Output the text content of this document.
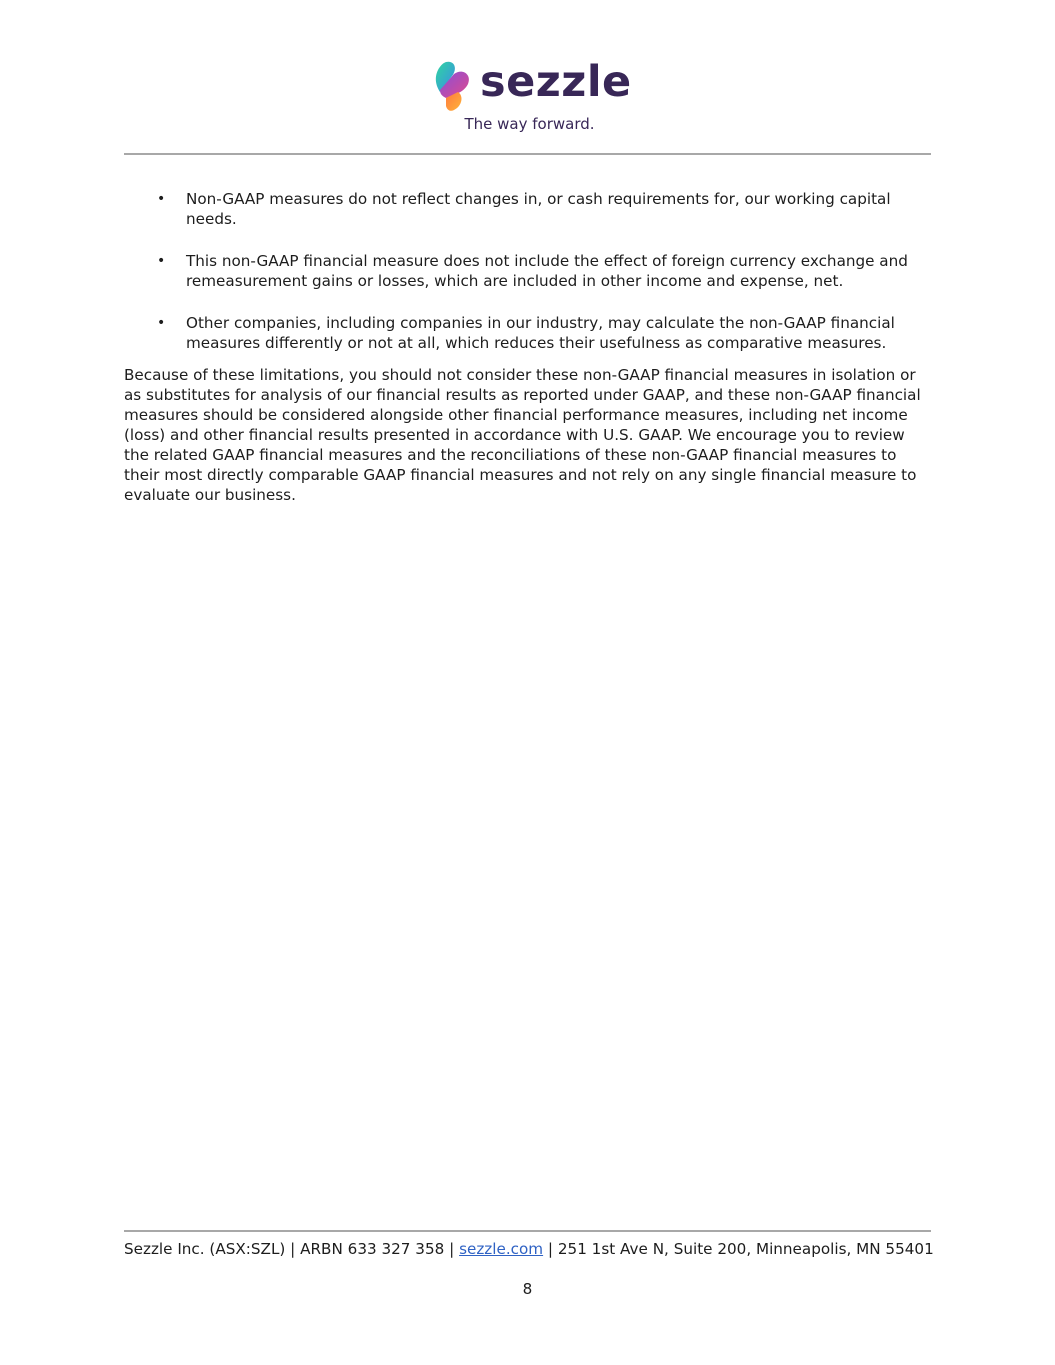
sezzle
The way forward.
• Non-GAAP measures do not reflect changes in, or cash requirements for, our working capital needs.
• This non-GAAP financial measure does not include the effect of foreign currency exchange and remeasurement gains or losses, which are included in other income and expense, net.
• Other companies, including companies in our industry, may calculate the non-GAAP financial measures differently or not at all, which reduces their usefulness as comparative measures.

Because of these limitations, you should not consider these non-GAAP financial measures in isolation or as substitutes for analysis of our financial results as reported under GAAP, and these non-GAAP financial measures should be considered alongside other financial performance measures, including net income (loss) and other financial results presented in accordance with U.S. GAAP. We encourage you to review the related GAAP financial measures and the reconciliations of these non-GAAP financial measures to their most directly comparable GAAP financial measures and not rely on any single financial measure to evaluate our business.

Sezzle Inc. (ASX:SZL) | ARBN 633 327 358 | sezzle.com | 251 1st Ave N, Suite 200, Minneapolis, MN 55401
8
